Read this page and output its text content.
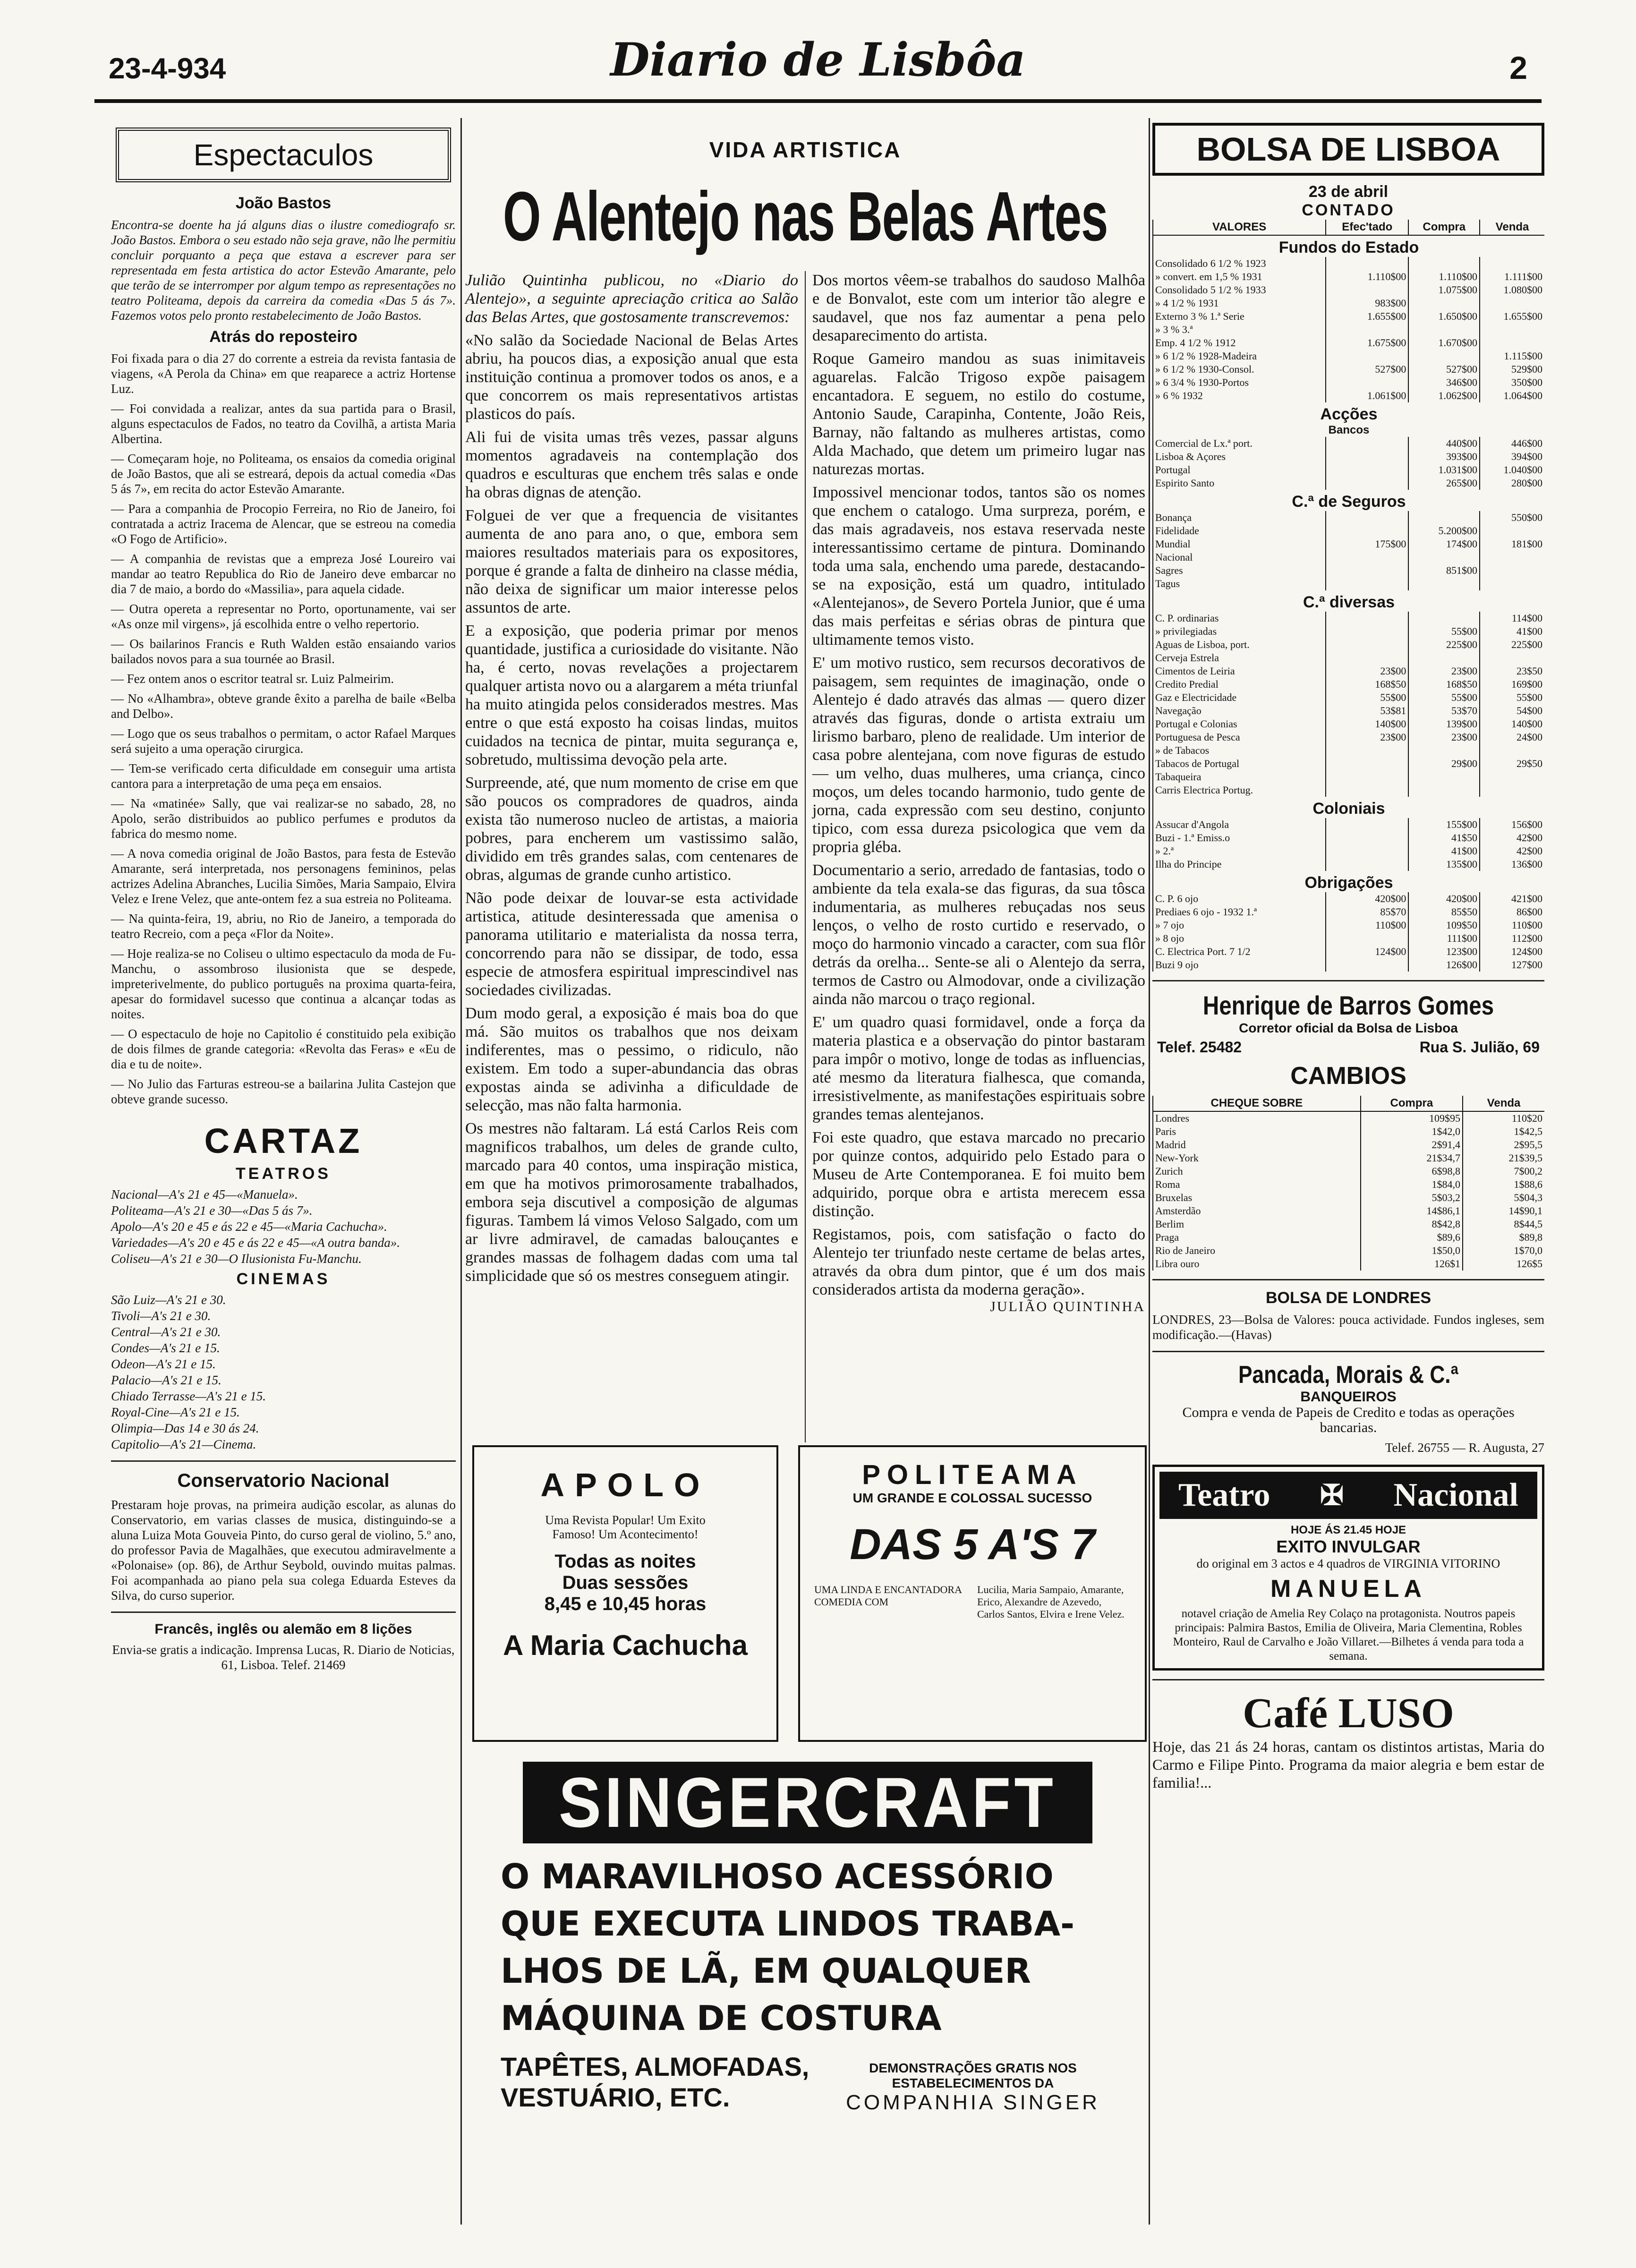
23-4-934	Diario de Lisbôa	2
Espectaculos
João Bastos

Encontra-se doente ha já alguns dias o ilustre comediografo sr. João Bastos. Embora o seu estado não seja grave, não lhe permitiu concluir porquanto a peça que estava a escrever para ser representada em festa artistica do actor Estevão Amarante, pelo que terão de se interromper por algum tempo as representações no teatro Politeama, depois da carreira da comedia «Das 5 ás 7». Fazemos votos pelo pronto restabelecimento de João Bastos.

Atrás do reposteiro

Foi fixada para o dia 27 do corrente a estreia da revista fantasia de viagens, «A Perola da China» em que reaparece a actriz Hortense Luz.

— Foi convidada a realizar, antes da sua partida para o Brasil, alguns espectaculos de Fados, no teatro da Covilhã, a artista Maria Albertina.

— Começaram hoje, no Politeama, os ensaios da comedia original de João Bastos, que ali se estreará, depois da actual comedia «Das 5 ás 7», em recita do actor Estevão Amarante.

— Para a companhia de Procopio Ferreira, no Rio de Janeiro, foi contratada a actriz Iracema de Alencar, que se estreou na comedia «O Fogo de Artificio».

— A companhia de revistas que a empreza José Loureiro vai mandar ao teatro Republica do Rio de Janeiro deve embarcar no dia 7 de maio, a bordo do «Massilia», para aquela cidade.

— Outra opereta a representar no Porto, oportunamente, vai ser «As onze mil virgens», já escolhida entre o velho repertorio.

— Os bailarinos Francis e Ruth Walden estão ensaiando varios bailados novos para a sua tournée ao Brasil.

— Fez ontem anos o escritor teatral sr. Luiz Palmeirim.

— No «Alhambra», obteve grande êxito a parelha de baile «Belba and Delbo».

— Logo que os seus trabalhos o permitam, o actor Rafael Marques será sujeito a uma operação cirurgica.

— Tem-se verificado certa dificuldade em conseguir uma artista cantora para a interpretação de uma peça em ensaios.

— Na «matinée» Sally, que vai realizar-se no sabado, 28, no Apolo, serão distribuidos ao publico perfumes e produtos da fabrica do mesmo nome.

— A nova comedia original de João Bastos, para festa de Estevão Amarante, será interpretada, nos personagens femininos, pelas actrizes Adelina Abranches, Lucilia Simões, Maria Sampaio, Elvira Velez e Irene Velez, que ante-ontem fez a sua estreia no Politeama.

— Na quinta-feira, 19, abriu, no Rio de Janeiro, a temporada do teatro Recreio, com a peça «Flor da Noite».

— Hoje realiza-se no Coliseu o ultimo espectaculo da moda de Fu-Manchu, o assombroso ilusionista que se despede, impreterivelmente, do publico português na proxima quarta-feira, apesar do formidavel sucesso que continua a alcançar todas as noites.

— O espectaculo de hoje no Capitolio é constituido pela exibição de dois filmes de grande categoria: «Revolta das Feras» e «Eu de dia e tu de noite».

— No Julio das Farturas estreou-se a bailarina Julita Castejon que obteve grande sucesso.

CARTAZ
TEATROS

Nacional—A's 21 e 45—«Manuela».

Politeama—A's 21 e 30—«Das 5 ás 7».

Apolo—A's 20 e 45 e ás 22 e 45—«Maria Cachucha».

Variedades—A's 20 e 45 e ás 22 e 45—«A outra banda».

Coliseu—A's 21 e 30—O Ilusionista Fu-Manchu.

CINEMAS

São Luiz—A's 21 e 30.

Tivoli—A's 21 e 30.

Central—A's 21 e 30.

Condes—A's 21 e 15.

Odeon—A's 21 e 15.

Palacio—A's 21 e 15.

Chiado Terrasse—A's 21 e 15.

Royal-Cine—A's 21 e 15.

Olimpia—Das 14 e 30 ás 24.

Capitolio—A's 21—Cinema.

Conservatorio Nacional

Prestaram hoje provas, na primeira audição escolar, as alunas do Conservatorio, em varias classes de musica, distinguindo-se a aluna Luiza Mota Gouveia Pinto, do curso geral de violino, 5.º ano, do professor Pavia de Magalhães, que executou admiravelmente a «Polonaise» (op. 86), de Arthur Seybold, ouvindo muitas palmas. Foi acompanhada ao piano pela sua colega Eduarda Esteves da Silva, do curso superior.

Francês, inglês ou alemão em 8 lições

Envia-se gratis a indicação. Imprensa Lucas, R. Diario de Noticias, 61, Lisboa. Telef. 21469

VIDA ARTISTICA
O Alentejo nas Belas Artes

Julião Quintinha publicou, no «Diario do Alentejo», a seguinte apreciação critica ao Salão das Belas Artes, que gostosamente transcrevemos:

«No salão da Sociedade Nacional de Belas Artes abriu, ha poucos dias, a exposição anual que esta instituição continua a promover todos os anos, e a que concorrem os mais representativos artistas plasticos do país.

Ali fui de visita umas três vezes, passar alguns momentos agradaveis na contemplação dos quadros e esculturas que enchem três salas e onde ha obras dignas de atenção.

Folguei de ver que a frequencia de visitantes aumenta de ano para ano, o que, embora sem maiores resultados materiais para os expositores, porque é grande a falta de dinheiro na classe média, não deixa de significar um maior interesse pelos assuntos de arte.

E a exposição, que poderia primar por menos quantidade, justifica a curiosidade do visitante. Não ha, é certo, novas revelações a projectarem qualquer artista novo ou a alargarem a méta triunfal ha muito atingida pelos considerados mestres. Mas entre o que está exposto ha coisas lindas, muitos cuidados na tecnica de pintar, muita segurança e, sobretudo, multissima devoção pela arte.

Surpreende, até, que num momento de crise em que são poucos os compradores de quadros, ainda exista tão numeroso nucleo de artistas, a maioria pobres, para encherem um vastissimo salão, dividido em três grandes salas, com centenares de obras, algumas de grande cunho artistico.

Não pode deixar de louvar-se esta actividade artistica, atitude desinteressada que amenisa o panorama utilitario e materialista da nossa terra, concorrendo para não se dissipar, de todo, essa especie de atmosfera espiritual imprescindivel nas sociedades civilizadas.

Dum modo geral, a exposição é mais boa do que má. São muitos os trabalhos que nos deixam indiferentes, mas o pessimo, o ridiculo, não existem. Em todo a super-abundancia das obras expostas ainda se adivinha a dificuldade de selecção, mas não falta harmonia.

Os mestres não faltaram. Lá está Carlos Reis com magnificos trabalhos, um deles de grande culto, marcado para 40 contos, uma inspiração mistica, em que ha motivos primorosamente trabalhados, embora seja discutivel a composição de algumas figuras. Tambem lá vimos Veloso Salgado, com um ar livre admiravel, de camadas balouçantes e grandes massas de folhagem dadas com uma tal simplicidade que só os mestres conseguem atingir.

Dos mortos vêem-se trabalhos do saudoso Malhôa e de Bonvalot, este com um interior tão alegre e saudavel, que nos faz aumentar a pena pelo desaparecimento do artista.

Roque Gameiro mandou as suas inimitaveis aguarelas. Falcão Trigoso expõe paisagem encantadora. E seguem, no estilo do costume, Antonio Saude, Carapinha, Contente, João Reis, Barnay, não faltando as mulheres artistas, como Alda Machado, que detem um primeiro lugar nas naturezas mortas.

Impossivel mencionar todos, tantos são os nomes que enchem o catalogo. Uma surpreza, porém, e das mais agradaveis, nos estava reservada neste interessantissimo certame de pintura. Dominando toda uma sala, enchendo uma parede, destacando-se na exposição, está um quadro, intitulado «Alentejanos», de Severo Portela Junior, que é uma das mais perfeitas e sérias obras de pintura que ultimamente temos visto.

E' um motivo rustico, sem recursos decorativos de paisagem, sem requintes de imaginação, onde o Alentejo é dado através das almas — quero dizer através das figuras, donde o artista extraiu um lirismo barbaro, pleno de realidade. Um interior de casa pobre alentejana, com nove figuras de estudo — um velho, duas mulheres, uma criança, cinco moços, um deles tocando harmonio, tudo gente de jorna, cada expressão com seu destino, conjunto tipico, com essa dureza psicologica que vem da propria gléba.

Documentario a serio, arredado de fantasias, todo o ambiente da tela exala-se das figuras, da sua tôsca indumentaria, as mulheres rebuçadas nos seus lenços, o velho de rosto curtido e reservado, o moço do harmonio vincado a caracter, com sua flôr detrás da orelha... Sente-se ali o Alentejo da serra, termos de Castro ou Almodovar, onde a civilização ainda não marcou o traço regional.

E' um quadro quasi formidavel, onde a força da materia plastica e a observação do pintor bastaram para impôr o motivo, longe de todas as influencias, até mesmo da literatura fialhesca, que comanda, irresistivelmente, as manifestações espirituais sobre grandes temas alentejanos.

Foi este quadro, que estava marcado no precario por quinze contos, adquirido pelo Estado para o Museu de Arte Contemporanea. E foi muito bem adquirido, porque obra e artista merecem essa distinção.

Registamos, pois, com satisfação o facto do Alentejo ter triunfado neste certame de belas artes, através da obra dum pintor, que é um dos mais considerados artista da moderna geração».

JULIÃO QUINTINHA
APOLO
Uma Revista Popular! Um Exito Famoso! Um Acontecimento!
Todas as noites
Duas sessões
8,45 e 10,45 horas
A Maria Cachucha
POLITEAMA
UM GRANDE E COLOSSAL SUCESSO
DAS 5 A'S 7
UMA LINDA E ENCANTADORA COMEDIA COM
Lucilia, Maria Sampaio, Amarante, Erico, Alexandre de Azevedo, Carlos Santos, Elvira e Irene Velez.
SINGERCRAFT
O MARAVILHOSO ACESSÓRIO
QUE EXECUTA LINDOS TRABA-
LHOS DE LÃ, EM QUALQUER
MÁQUINA DE COSTURA
TAPÊTES, ALMOFADAS, VESTUÁRIO, ETC.
DEMONSTRAÇÕES GRATIS NOS ESTABELECIMENTOS DA
COMPANHIA SINGER
BOLSA DE LISBOA
23 de abril
CONTADO
VALORES	Efec'tado	Compra	Venda
Fundos do Estado			
Consolidado 6 1/2 % 1923			
» convert. em 1,5 % 1931	1.110$00	1.110$00	1.111$00
Consolidado 5 1/2 % 1933		1.075$00	1.080$00
» 4 1/2 % 1931	983$00		
Externo 3 % 1.ª Serie	1.655$00	1.650$00	1.655$00
» 3 % 3.ª			
Emp. 4 1/2 % 1912	1.675$00	1.670$00	
» 6 1/2 % 1928-Madeira			1.115$00
» 6 1/2 % 1930-Consol.	527$00	527$00	529$00
» 6 3/4 % 1930-Portos		346$00	350$00
» 6 % 1932	1.061$00	1.062$00	1.064$00
Acções			
Bancos			
Comercial de Lx.ª port.		440$00	446$00
Lisboa & Açores		393$00	394$00
Portugal		1.031$00	1.040$00
Espirito Santo		265$00	280$00
C.ª de Seguros			
Bonança			550$00
Fidelidade		5.200$00	
Mundial	175$00	174$00	181$00
Nacional			
Sagres		851$00	
Tagus			
C.ª diversas			
C. P. ordinarias			114$00
» privilegiadas		55$00	41$00
Aguas de Lisboa, port.		225$00	225$00
Cerveja Estrela			
Cimentos de Leiria	23$00	23$00	23$50
Credito Predial	168$50	168$50	169$00
Gaz e Electricidade	55$00	55$00	55$00
Navegação	53$81	53$70	54$00
Portugal e Colonias	140$00	139$00	140$00
Portuguesa de Pesca	23$00	23$00	24$00
» de Tabacos			
Tabacos de Portugal		29$00	29$50
Tabaqueira			
Carris Electrica Portug.			
Coloniais			
Assucar d'Angola		155$00	156$00
Buzi - 1.ª Emiss.o		41$50	42$00
» 2.ª		41$00	42$00
Ilha do Principe		135$00	136$00
Obrigações			
C. P. 6 ojo	420$00	420$00	421$00
Prediaes 6 ojo - 1932 1.ª	85$70	85$50	86$00
» 7 ojo	110$00	109$50	110$00
» 8 ojo		111$00	112$00
C. Electrica Port. 7 1/2	124$00	123$00	124$00
Buzi 9 ojo		126$00	127$00
Henrique de Barros Gomes
Corretor oficial da Bolsa de Lisboa
Telef. 25482	Rua S. Julião, 69
CAMBIOS
CHEQUE SOBRE	Compra	Venda
Londres	109$95	110$20
Paris	1$42,0	1$42,5
Madrid	2$91,4	2$95,5
New-York	21$34,7	21$39,5
Zurich	6$98,8	7$00,2
Roma	1$84,0	1$88,6
Bruxelas	5$03,2	5$04,3
Amsterdão	14$86,1	14$90,1
Berlim	8$42,8	8$44,5
Praga	$89,6	$89,8
Rio de Janeiro	1$50,0	1$70,0
Libra ouro	126$1	126$5
BOLSA DE LONDRES

LONDRES, 23—Bolsa de Valores: pouca actividade. Fundos ingleses, sem modificação.—(Havas)

Pancada, Morais & C.ª
BANQUEIROS

Compra e venda de Papeis de Credito e todas as operações bancarias.

Telef. 26755 — R. Augusta, 27

Teatro ✠ Nacional
HOJE ÁS 21.45 HOJE
EXITO INVULGAR
do original em 3 actos e 4 quadros de VIRGINIA VITORINO
MANUELA
notavel criação de Amelia Rey Colaço na protagonista. Noutros papeis principais: Palmira Bastos, Emilia de Oliveira, Maria Clementina, Robles Monteiro, Raul de Carvalho e João Villaret.—Bilhetes á venda para toda a semana.
Café LUSO

Hoje, das 21 ás 24 horas, cantam os distintos artistas, Maria do Carmo e Filipe Pinto. Programa da maior alegria e bem estar de familia!...
